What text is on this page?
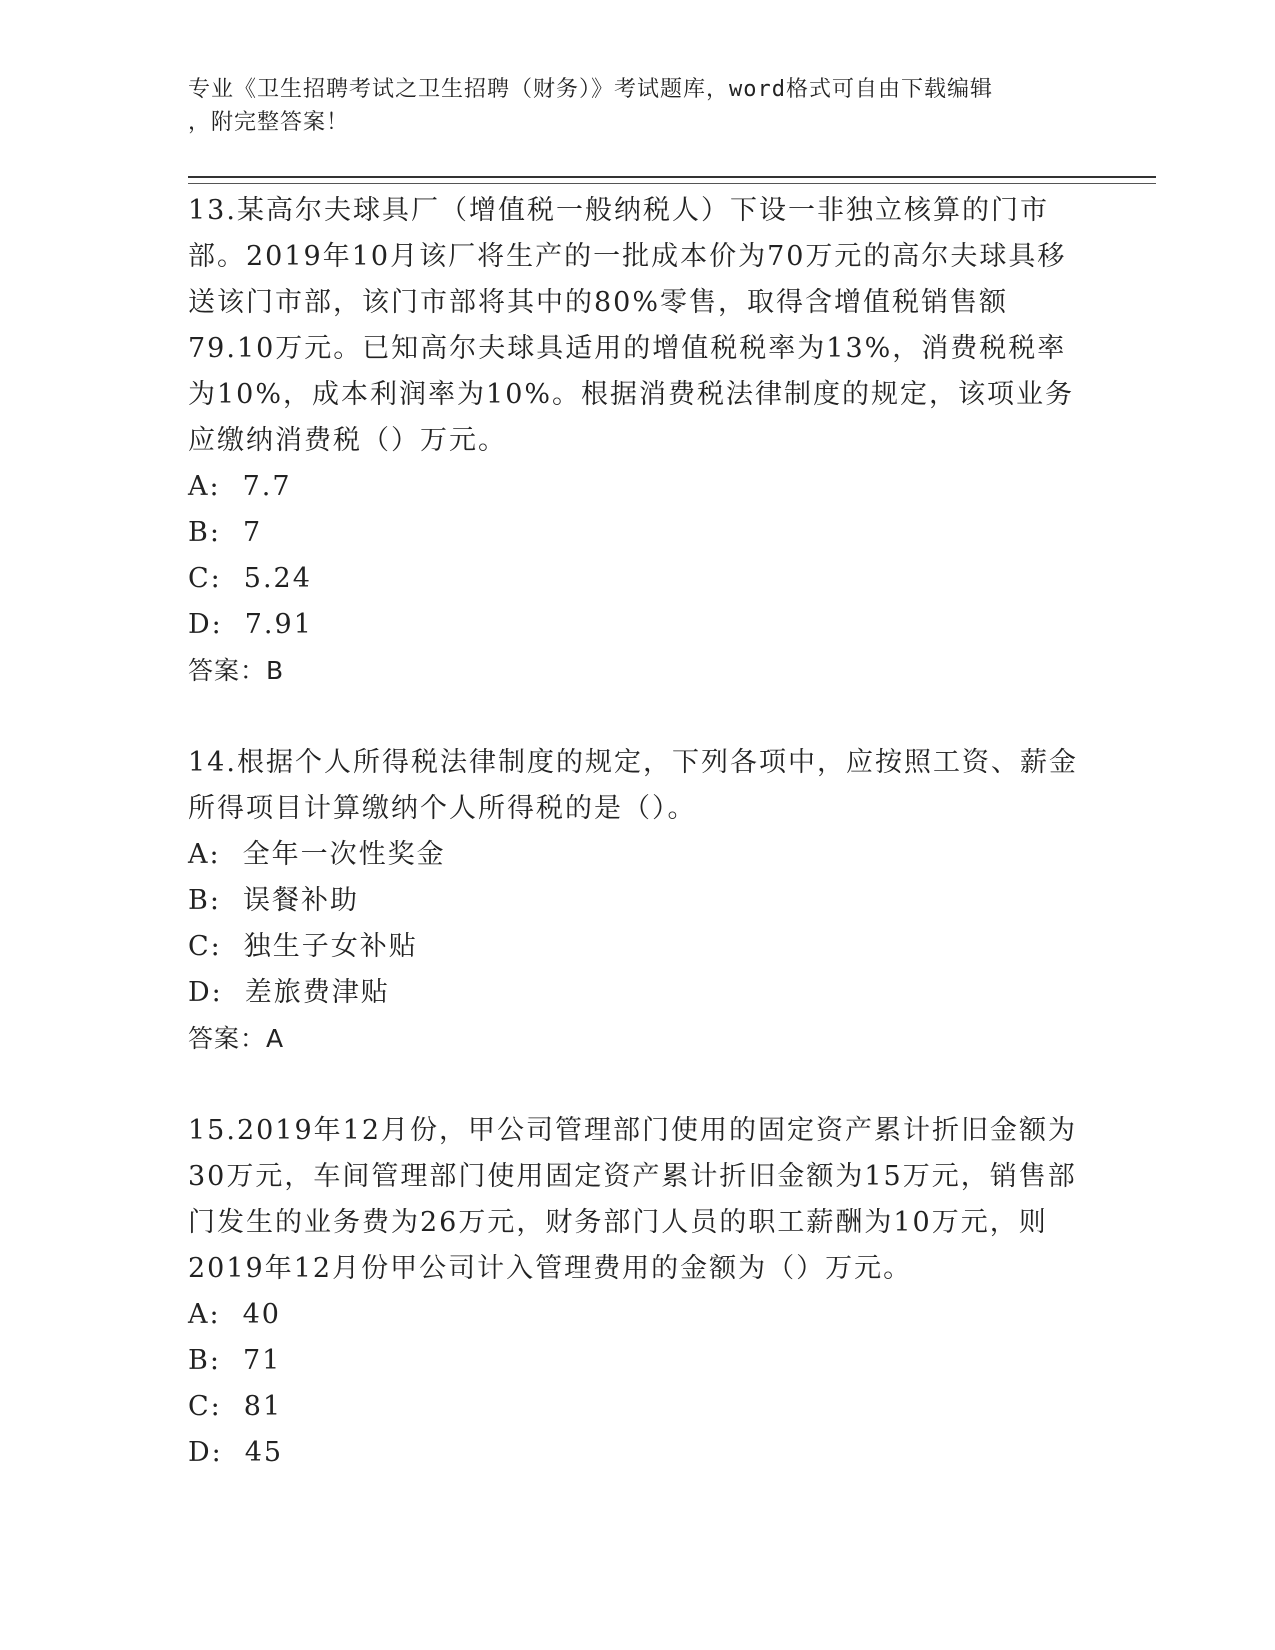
专业《卫生招聘考试之卫生招聘（财务）》考试题库，word格式可自由下载编辑

，附完整答案！

13.某高尔夫球具厂（增值税一般纳税人）下设一非独立核算的门市部。2019年10月该厂将生产的一批成本价为70万元的高尔夫球具移送该门市部，该门市部将其中的80%零售，取得含增值税销售额79.10万元。已知高尔夫球具适用的增值税税率为13%，消费税税率为10%，成本利润率为10%。根据消费税法律制度的规定，该项业务应缴纳消费税（）万元。

A: 7.7

B: 7

C: 5.24

D: 7.91

答案：B

14.根据个人所得税法律制度的规定，下列各项中，应按照工资、薪金所得项目计算缴纳个人所得税的是（）。

A: 全年一次性奖金

B: 误餐补助

C: 独生子女补贴

D: 差旅费津贴

答案：A

15.2019年12月份，甲公司管理部门使用的固定资产累计折旧金额为30万元，车间管理部门使用固定资产累计折旧金额为15万元，销售部门发生的业务费为26万元，财务部门人员的职工薪酬为10万元，则2019年12月份甲公司计入管理费用的金额为（）万元。

A: 40

B: 71

C: 81

D: 45
